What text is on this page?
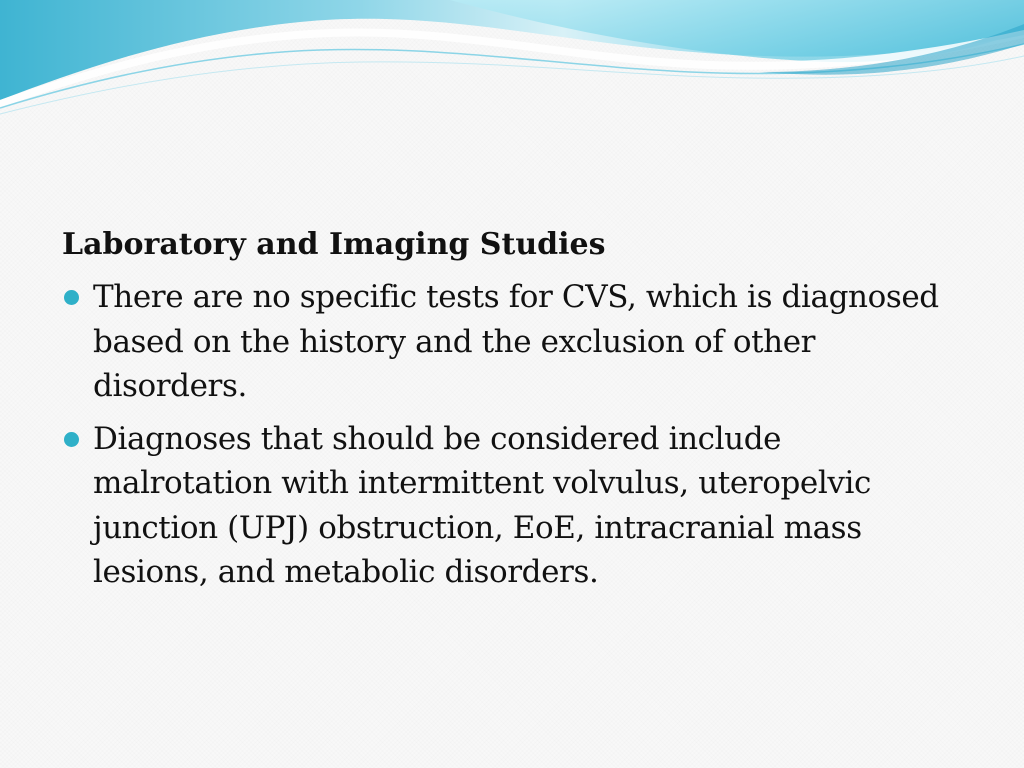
Laboratory and Imaging Studies
There are no specific tests for CVS, which is diagnosed based on the history and the exclusion of other disorders.
Diagnoses that should be considered include malrotation with intermittent volvulus, uteropelvic junction (UPJ) obstruction, EoE, intracranial mass lesions, and metabolic disorders.
